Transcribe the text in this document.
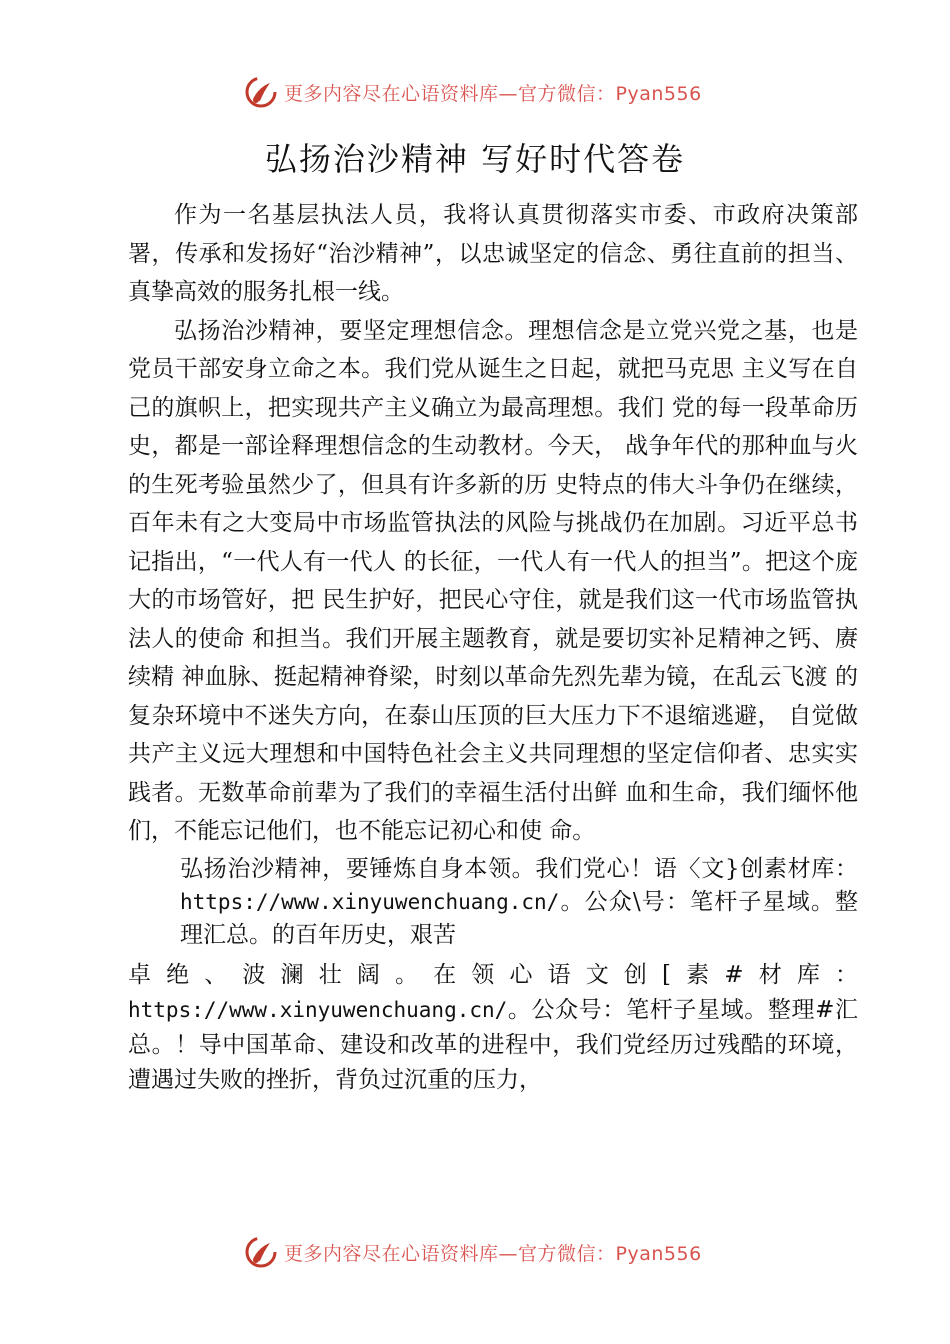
更多内容尽在心语资料库—官方微信：Pyan556
弘扬治沙精神 写好时代答卷

作为一名基层执法人员，我将认真贯彻落实市委、市政府决策部署，传承和发扬好“治沙精神”，以忠诚坚定的信念、勇往直前的担当、真挚高效的服务扎根一线。

弘扬治沙精神，要坚定理想信念。理想信念是立党兴党之基，也是党员干部安身立命之本。我们党从诞生之日起，就把马克思 主义写在自己的旗帜上，把实现共产主义确立为最高理想。我们 党的每一段革命历史，都是一部诠释理想信念的生动教材。今天， 战争年代的那种血与火的生死考验虽然少了，但具有许多新的历 史特点的伟大斗争仍在继续，百年未有之大变局中市场监管执法的风险与挑战仍在加剧。习近平总书记指出，“一代人有一代人 的长征，一代人有一代人的担当”。把这个庞大的市场管好，把 民生护好，把民心守住，就是我们这一代市场监管执法人的使命 和担当。我们开展主题教育，就是要切实补足精神之钙、赓续精 神血脉、挺起精神脊梁，时刻以革命先烈先辈为镜，在乱云飞渡 的复杂环境中不迷失方向，在泰山压顶的巨大压力下不退缩逃避， 自觉做共产主义远大理想和中国特色社会主义共同理想的坚定信仰者、忠实实践者。无数革命前辈为了我们的幸福生活付出鲜 血和生命，我们缅怀他们，不能忘记他们，也不能忘记初心和使 命。

弘扬治沙精神，要锤炼自身本领。我们党心！语〈文}创素材库：https://www.xinyuwenchuang.cn/。公众\号：笔杆子星域。整理汇总。的百年历史，艰苦

卓绝、波澜壮阔。在领心语文创[素#材库：https://www.xinyuwenchuang.cn/。公众号：笔杆子星域。整理#汇总。！导中国革命、建设和改革的进程中，我们党经历过残酷的环境，遭遇过失败的挫折，背负过沉重的压力，

更多内容尽在心语资料库—官方微信：Pyan556
